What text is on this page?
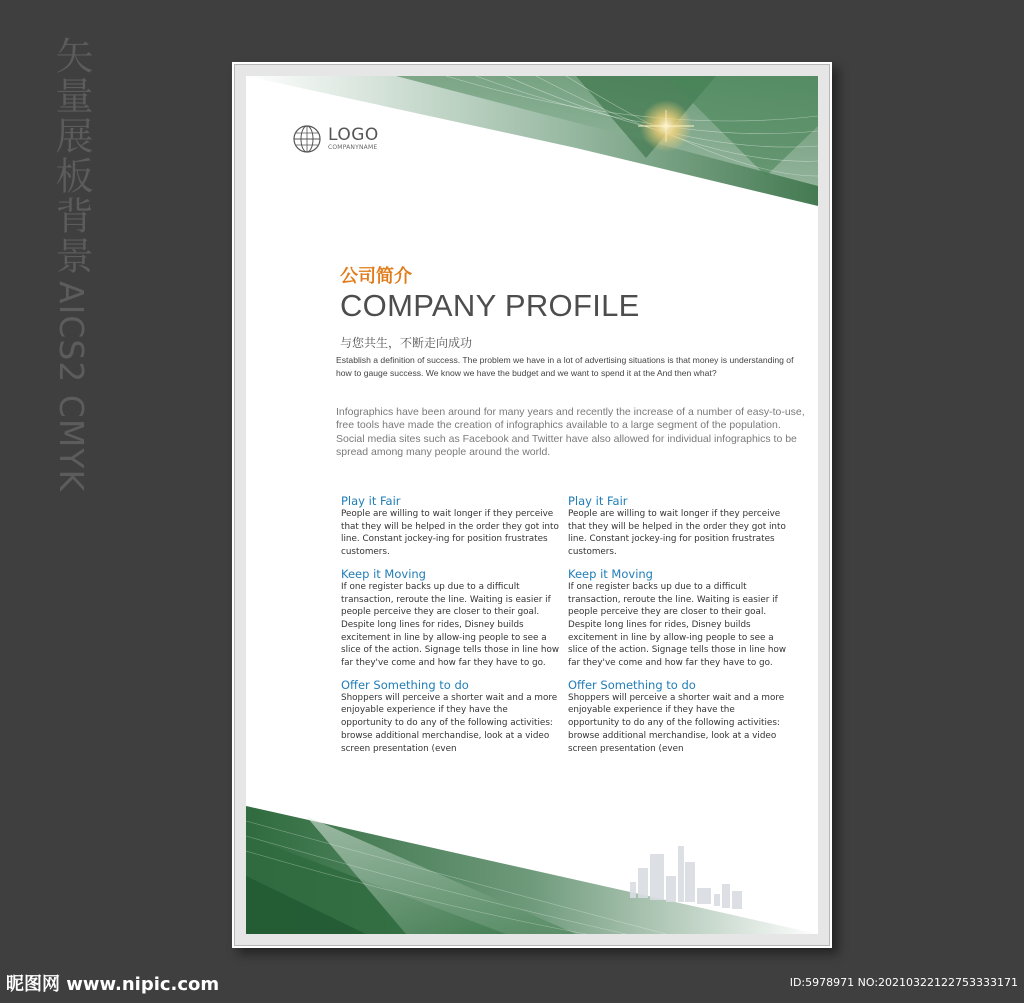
矢量展板背景 AICS2 CMYK
LOGO
COMPANYNAME
公司简介
COMPANY PROFILE
与您共生，不断走向成功
Establish a definition of success. The problem we have in a lot of advertising situations is that money is understanding of how to gauge success. We know we have the budget and we want to spend it at the And then what?
Infographics have been around for many years and recently the increase of a number of easy-to-use, free tools have made the creation of infographics available to a large segment of the population. Social media sites such as Facebook and Twitter have also allowed for individual infographics to be spread among many people around the world.
Play it Fair
People are willing to wait longer if they perceive that they will be helped in the order they got into line. Constant jockey-ing for position frustrates customers.
Keep it Moving
If one register backs up due to a difficult transaction, reroute the line. Waiting is easier if people perceive they are closer to their goal. Despite long lines for rides, Disney builds excitement in line by allow-ing people to see a slice of the action. Signage tells those in line how far they've come and how far they have to go.
Offer Something to do
Shoppers will perceive a shorter wait and a more enjoyable experience if they have the opportunity to do any of the following activities: browse additional merchandise, look at a video screen presentation (even
Play it Fair
People are willing to wait longer if they perceive that they will be helped in the order they got into line. Constant jockey-ing for position frustrates customers.
Keep it Moving
If one register backs up due to a difficult transaction, reroute the line. Waiting is easier if people perceive they are closer to their goal. Despite long lines for rides, Disney builds excitement in line by allow-ing people to see a slice of the action. Signage tells those in line how far they've come and how far they have to go.
Offer Something to do
Shoppers will perceive a shorter wait and a more enjoyable experience if they have the opportunity to do any of the following activities: browse additional merchandise, look at a video screen presentation (even
昵图网 www.nipic.com	ID:5978971 NO:20210322122753333171
